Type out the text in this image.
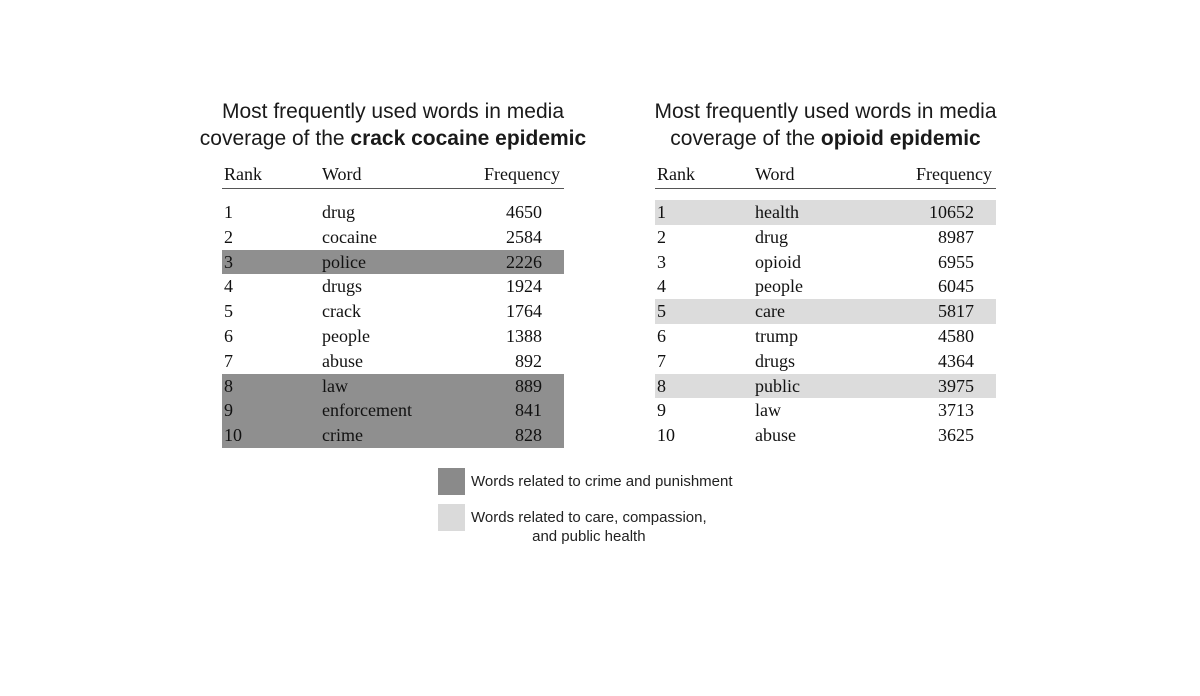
Most frequently used words in media
coverage of the crack cocaine epidemic
Rank	Word	Frequency
1	drug	4650
2	cocaine	2584
3	police	2226
4	drugs	1924
5	crack	1764
6	people	1388
7	abuse	892
8	law	889
9	enforcement	841
10	crime	828
Most frequently used words in media
coverage of the opioid epidemic
Rank	Word	Frequency
1	health	10652
2	drug	8987
3	opioid	6955
4	people	6045
5	care	5817
6	trump	4580
7	drugs	4364
8	public	3975
9	law	3713
10	abuse	3625
Words related to crime and punishment
Words related to care, compassion,
and public health
